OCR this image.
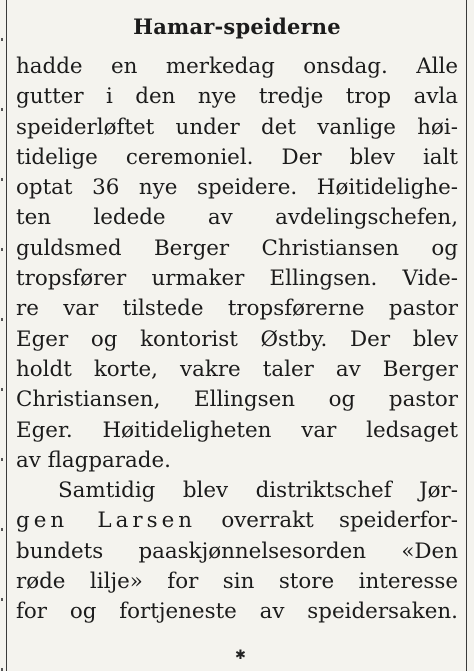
Hamar-speiderne
hadde en merkedag onsdag. Alle
gutter i den nye tredje trop avla
speiderløftet under det vanlige høi-
tidelige ceremoniel. Der blev ialt
optat 36 nye speidere. Høitidelighe-
ten ledede av avdelingschefen,
guldsmed Berger Christiansen og
tropsfører urmaker Ellingsen. Vide-
re var tilstede tropsførerne pastor
Eger og kontorist Østby. Der blev
holdt korte, vakre taler av Berger
Christiansen, Ellingsen og pastor
Eger. Høitideligheten var ledsaget
av flagparade.
Samtidig blev distriktschef Jør-
gen Larsen overrakt speiderfor-
bundets paaskjønnelsesorden «Den
røde lilje» for sin store interesse
for og fortjeneste av speidersaken.
✱
